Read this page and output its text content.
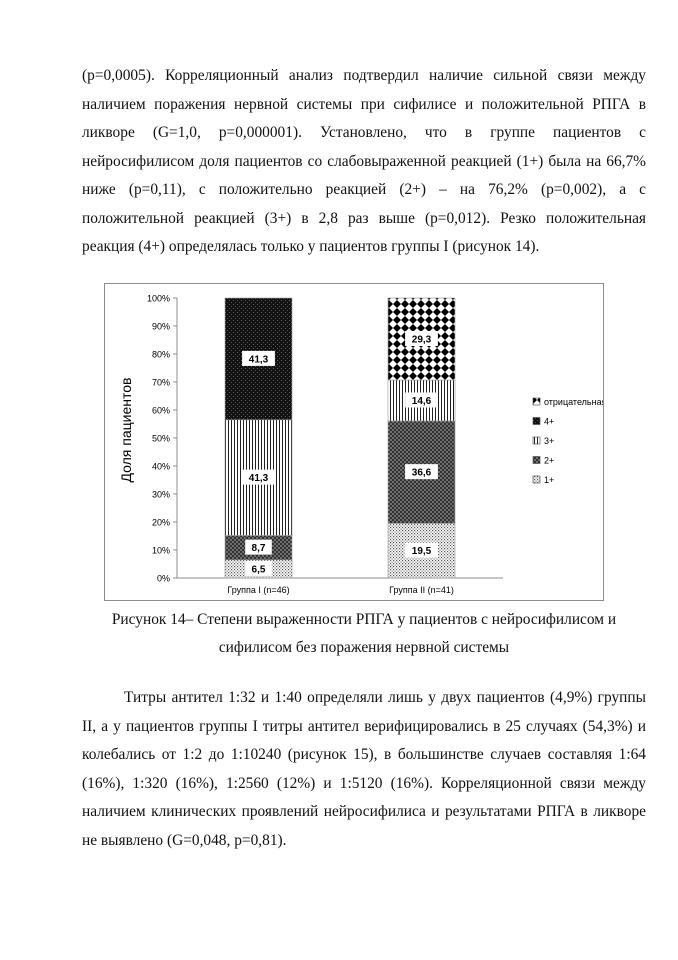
(p=0,0005). Корреляционный анализ подтвердил наличие сильной связи между наличием поражения нервной системы при сифилисе и положительной РПГА в ликворе (G=1,0, p=0,000001). Установлено, что в группе пациентов с нейросифилисом доля пациентов со слабовыраженной реакцией (1+) была на 66,7% ниже (p=0,11), с положительно реакцией (2+) – на 76,2% (p=0,002), а с положительной реакцией (3+) в 2,8 раз выше (p=0,012). Резко положительная реакция (4+) определялась только у пациентов группы I (рисунок 14).

0%
10%
20%
30%
40%
50%
60%
70%
80%
90%
100%
6,5
8,7
41,3
41,3
19,5
36,6
14,6
29,3
Группа I (n=46)	Группа II (n=41)
отрицательная
4+
3+
2+
1+
Доля пациентов

Рисунок 14– Степени выраженности РПГА у пациентов с нейросифилисом и сифилисом без поражения нервной системы

Титры антител 1:32 и 1:40 определяли лишь у двух пациентов (4,9%) группы II, а у пациентов группы I титры антител верифицировались в 25 случаях (54,3%) и колебались от 1:2 до 1:10240 (рисунок 15), в большинстве случаев составляя 1:64 (16%), 1:320 (16%), 1:2560 (12%) и 1:5120 (16%). Корреляционной связи между наличием клинических проявлений нейросифилиса и результатами РПГА в ликворе не выявлено (G=0,048, p=0,81).
